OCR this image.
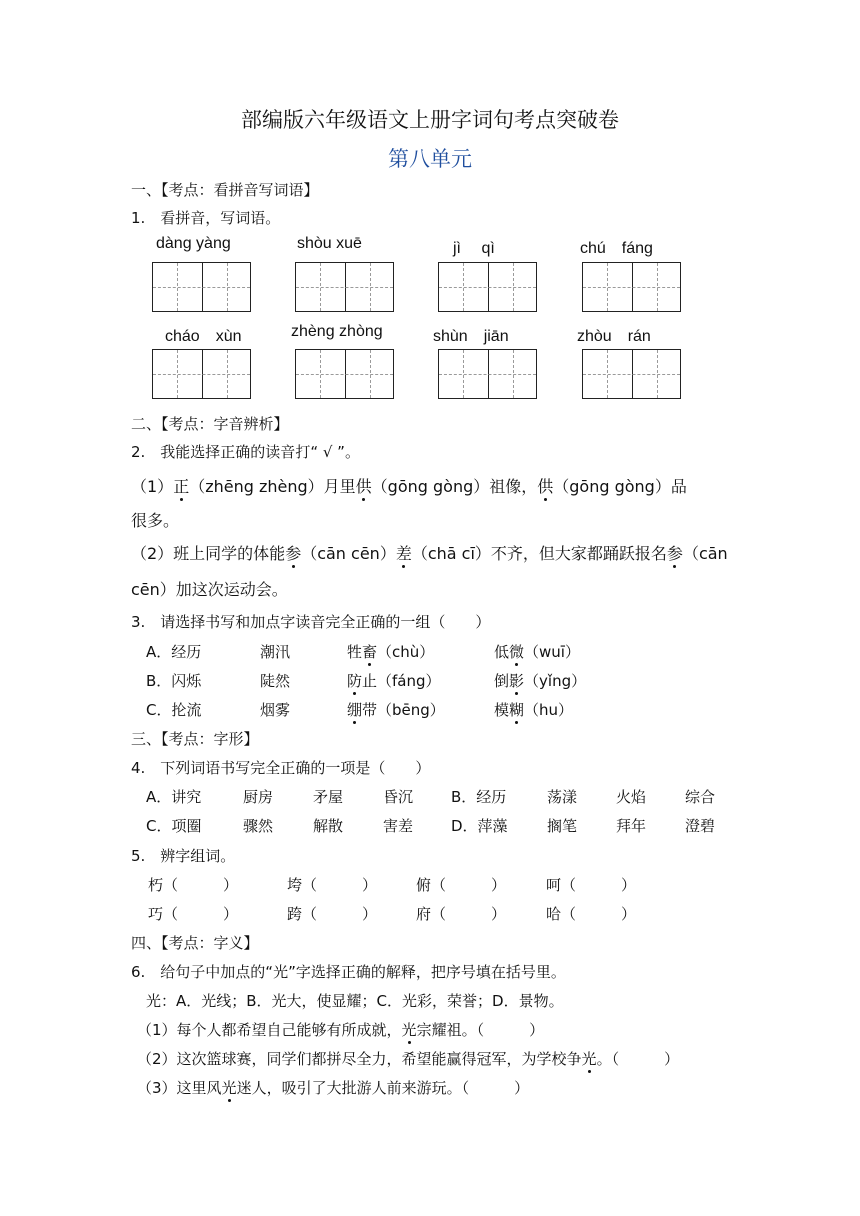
部编版六年级语文上册字词句考点突破卷
第八单元
一、【考点：看拼音写词语】
1.　看拼音，写词语。
dàng yàng	shòu xuē	jì　 qì	chú　fáng
cháo　xùn	zhèng zhòng	shùn　jiān	zhòu　rán
二、【考点：字音辨析】
2.　我能选择正确的读音打“ √ ”。
（1）正（zhēng zhèng）月里供（gōng gòng）祖像，供（gōng gòng）品
很多。
（2）班上同学的体能参（cān cēn）差（chā cī）不齐，但大家都踊跃报名参（cān
cēn）加这次运动会。
3.　请选择书写和加点字读音完全正确的一组（　　）
A．经历	潮汛	牲畜（chù）	低微（wuī）
B．闪烁	陡然	防止（fáng）	倒影（yǐng）
C．抡流	烟雾	绷带（bēng）	模糊（hu）
三、【考点：字形】
4.　下列词语书写完全正确的一项是（　　）
A．讲究	厨房	矛屋	昏沉	B．经历	荡漾	火焰	综合
C．项圈	骤然	解散	害差	D．萍藻	搁笔	拜年	澄碧
5.　辨字组词。
朽（　　　）	垮（　　　）	俯（　　　）	呵（　　　）
巧（　　　）	跨（　　　）	府（　　　）	哈（　　　）
四、【考点：字义】
6.　给句子中加点的“光”字选择正确的解释，把序号填在括号里。
光：A．光线；B．光大，使显耀；C．光彩，荣誉；D．景物。
（1）每个人都希望自己能够有所成就，光宗耀祖。（　　　）
（2）这次篮球赛，同学们都拼尽全力，希望能赢得冠军，为学校争光。（　　　）
（3）这里风光迷人，吸引了大批游人前来游玩。（　　　）
